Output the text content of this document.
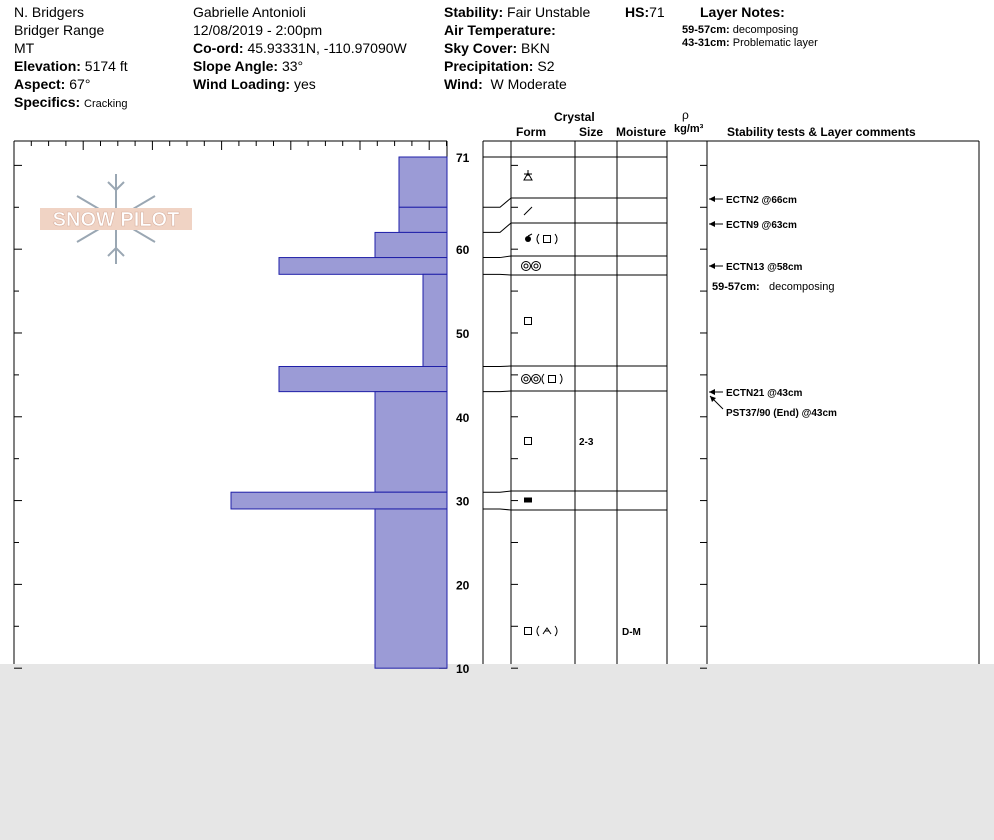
N. Bridgers
Bridger Range
MT
Elevation: 5174 ft
Aspect: 67°
Specifics: Cracking
Gabrielle Antonioli
12/08/2019 - 2:00pm
Co-ord: 45.93331N, -110.97090W
Slope Angle: 33°
Wind Loading: yes
Stability: Fair Unstable HS:71
Air Temperature:
Sky Cover: BKN
Precipitation: S2
Wind: W Moderate
Layer Notes:
59-57cm: decomposing
43-31cm: Problematic layer
Crystal
Form	Size Moisture
ρ
kg/m³ Stability tests & Layer comments
SNOW PILOT
20
30
40
50
60
71
10
2-3
D-M
ECTN2 @66cm
ECTN9 @63cm
ECTN13 @58cm
ECTN21 @43cm
PST37/90 (End) @43cm
59-57cm: decomposing
